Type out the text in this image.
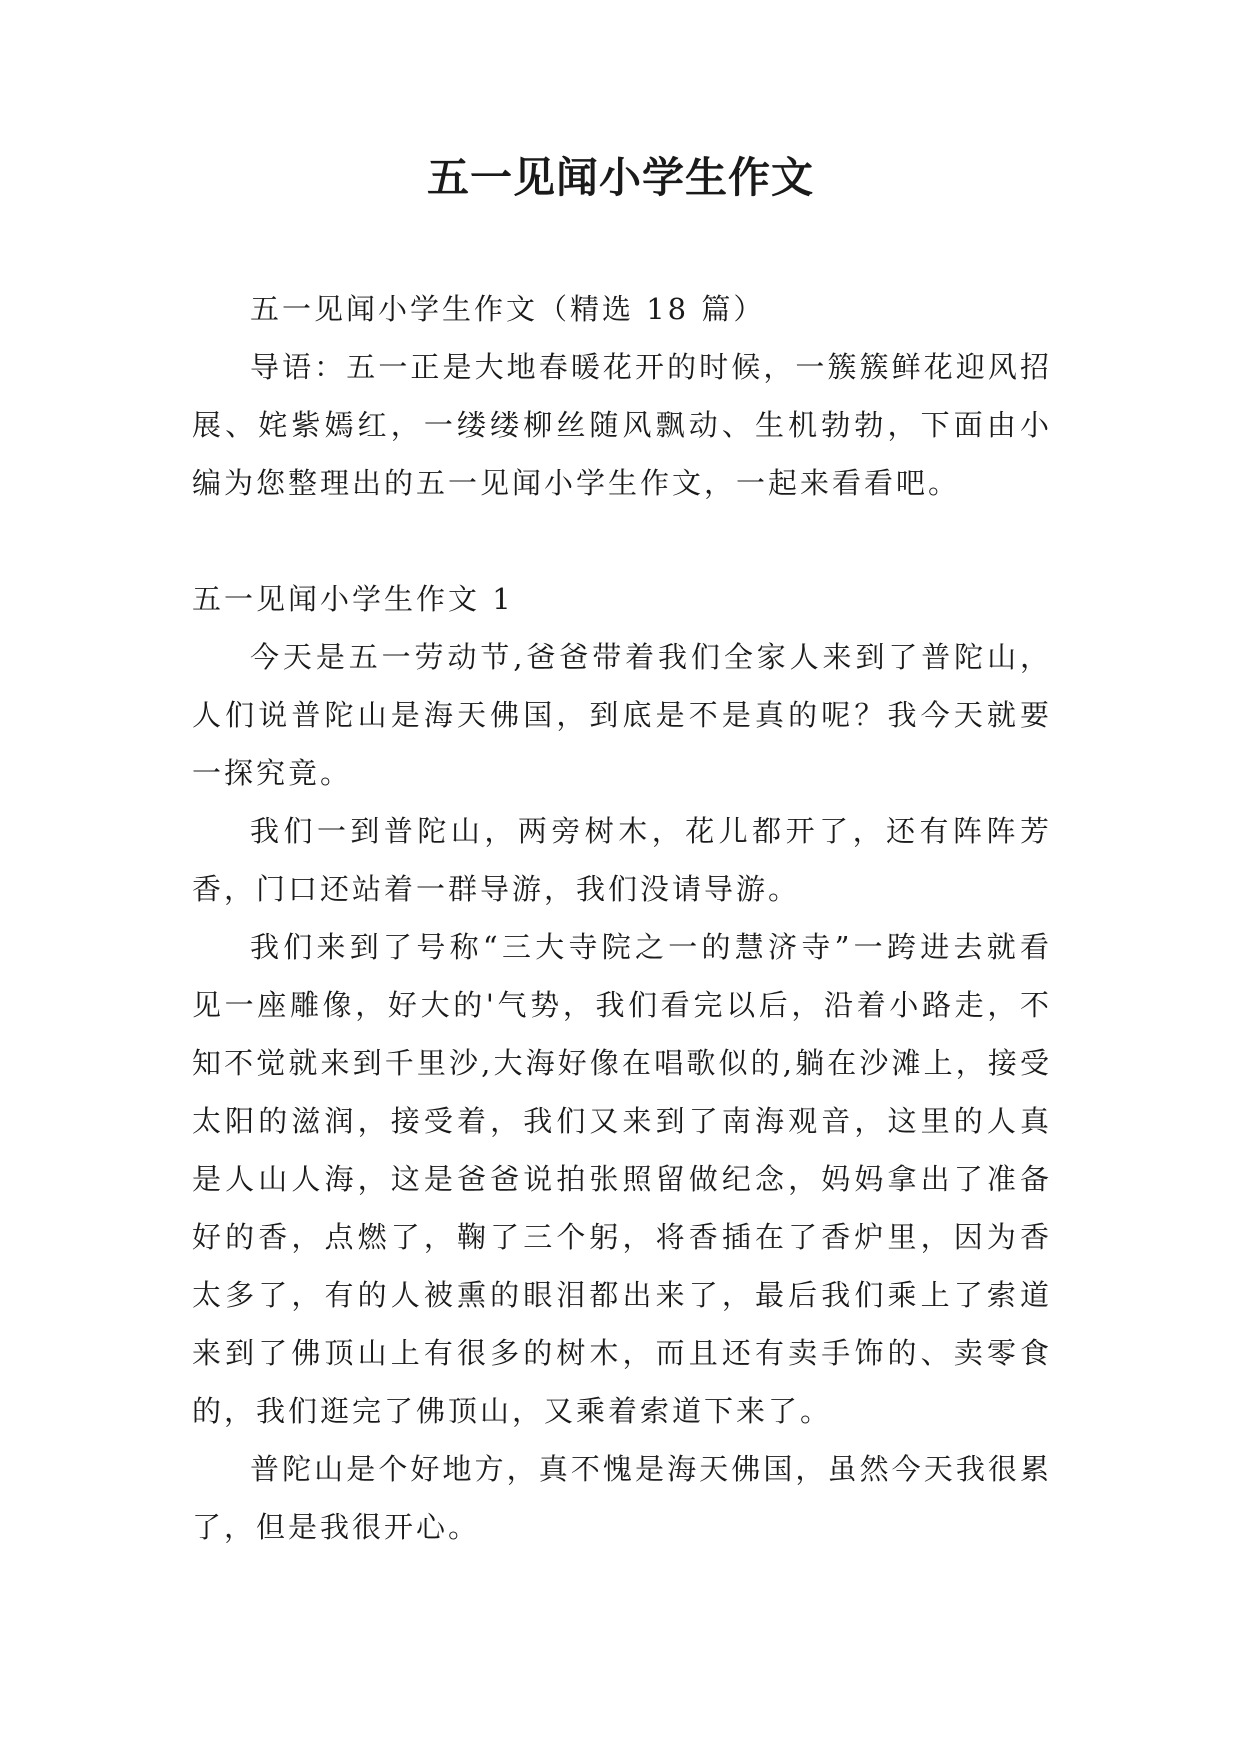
五一见闻小学生作文

五一见闻小学生作文（精选 18 篇）

导语：五一正是大地春暖花开的时候，一簇簇鲜花迎风招展、姹紫嫣红，一缕缕柳丝随风飘动、生机勃勃，下面由小编为您整理出的五一见闻小学生作文，一起来看看吧。

五一见闻小学生作文 1

今天是五一劳动节,爸爸带着我们全家人来到了普陀山，人们说普陀山是海天佛国，到底是不是真的呢？我今天就要一探究竟。

我们一到普陀山，两旁树木，花儿都开了，还有阵阵芳香，门口还站着一群导游，我们没请导游。

我们来到了号称“三大寺院之一的慧济寺”一跨进去就看见一座雕像，好大的'气势，我们看完以后，沿着小路走，不知不觉就来到千里沙,大海好像在唱歌似的,躺在沙滩上，接受太阳的滋润，接受着，我们又来到了南海观音，这里的人真是人山人海，这是爸爸说拍张照留做纪念，妈妈拿出了准备好的香，点燃了，鞠了三个躬，将香插在了香炉里，因为香太多了，有的人被熏的眼泪都出来了，最后我们乘上了索道来到了佛顶山上有很多的树木，而且还有卖手饰的、卖零食的，我们逛完了佛顶山，又乘着索道下来了。

普陀山是个好地方，真不愧是海天佛国，虽然今天我很累了，但是我很开心。
